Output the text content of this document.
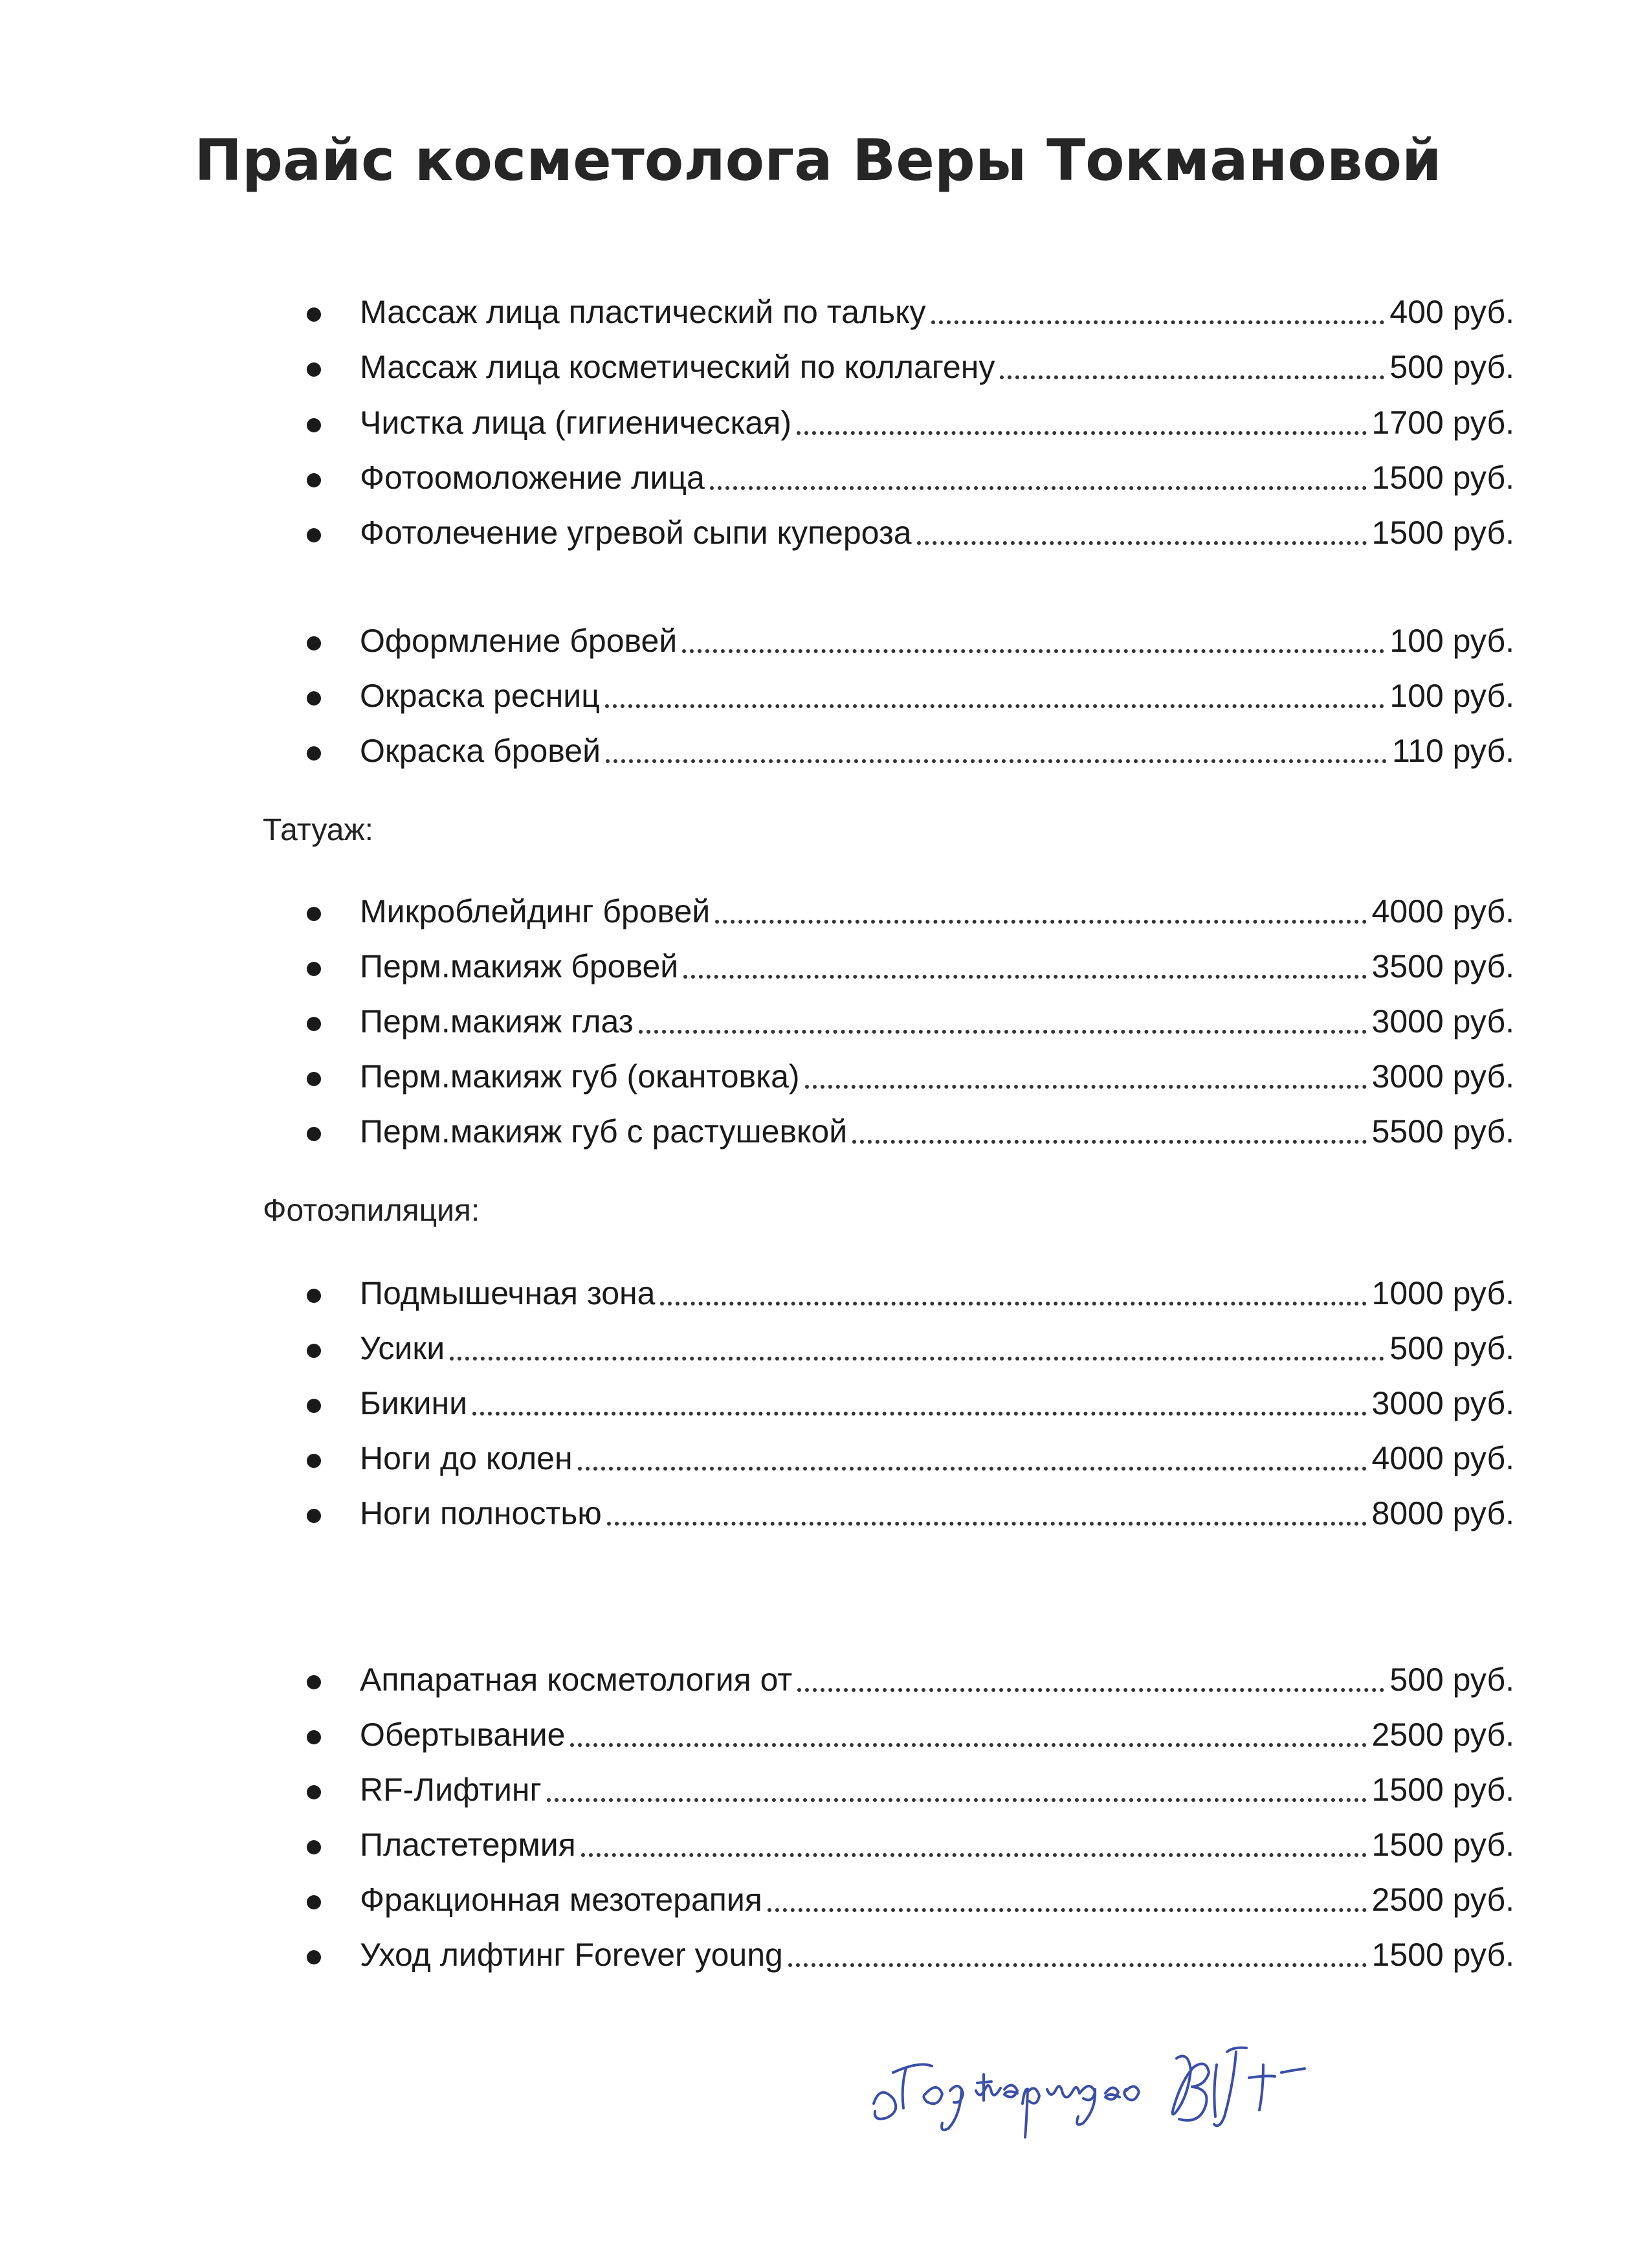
Прайс косметолога Веры Токмановой
Массаж лица пластический по тальку	400 руб.
Массаж лица косметический по коллагену	500 руб.
Чистка лица (гигиеническая)	1700 руб.
Фотоомоложение лица	1500 руб.
Фотолечение угревой сыпи купероза	1500 руб.
Оформление бровей	100 руб.
Окраска ресниц	100 руб.
Окраска бровей	110 руб.
Татуаж:
Микроблейдинг бровей	4000 руб.
Перм.макияж бровей	3500 руб.
Перм.макияж глаз	3000 руб.
Перм.макияж губ (окантовка)	3000 руб.
Перм.макияж губ с растушевкой	5500 руб.
Фотоэпиляция:
Подмышечная зона	1000 руб.
Усики	500 руб.
Бикини	3000 руб.
Ноги до колен	4000 руб.
Ноги полностью	8000 руб.
Аппаратная косметология от	500 руб.
Обертывание	2500 руб.
RF-Лифтинг	1500 руб.
Пластетермия	1500 руб.
Фракционная мезотерапия	2500 руб.
Уход лифтинг Forever young	1500 руб.
